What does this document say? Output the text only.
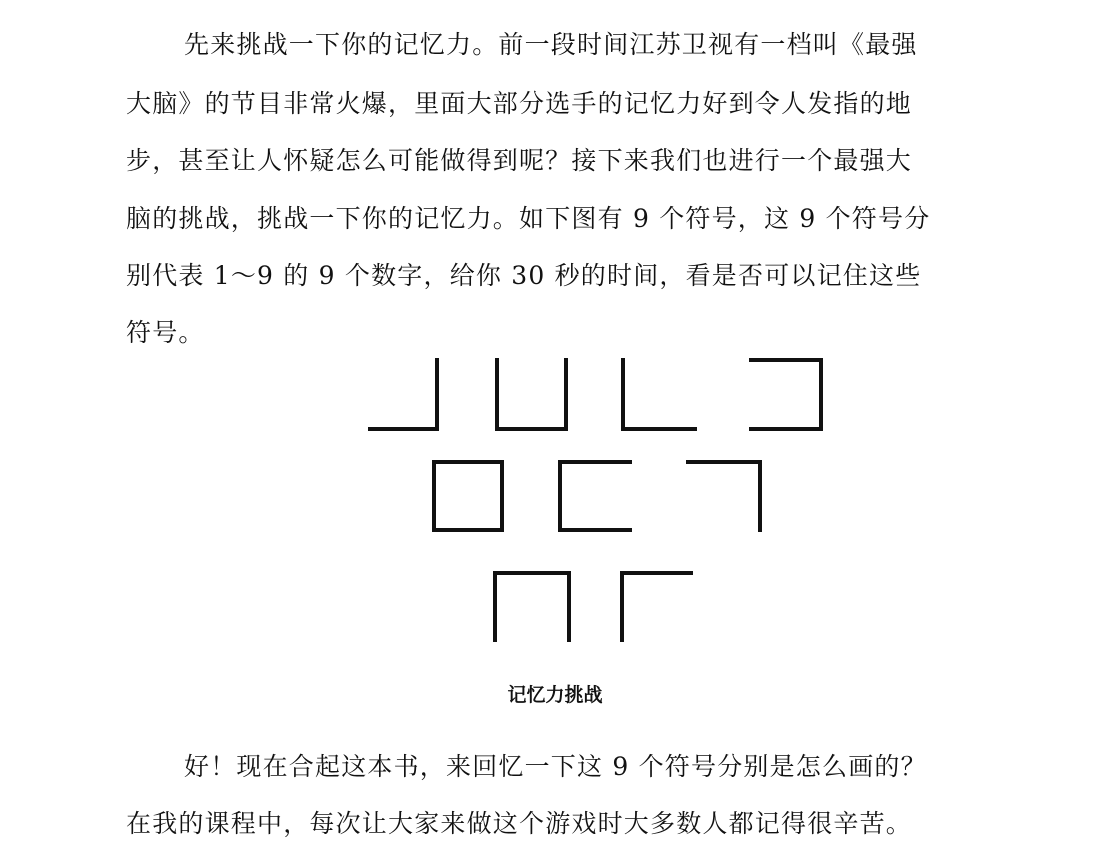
先来挑战一下你的记忆力。前一段时间江苏卫视有一档叫《最强
大脑》的节目非常火爆，里面大部分选手的记忆力好到令人发指的地
步，甚至让人怀疑怎么可能做得到呢？接下来我们也进行一个最强大
脑的挑战，挑战一下你的记忆力。如下图有 9 个符号，这 9 个符号分
别代表 1～9 的 9 个数字，给你 30 秒的时间，看是否可以记住这些
符号。
记忆力挑战
好！现在合起这本书，来回忆一下这 9 个符号分别是怎么画的？
在我的课程中，每次让大家来做这个游戏时大多数人都记得很辛苦。
